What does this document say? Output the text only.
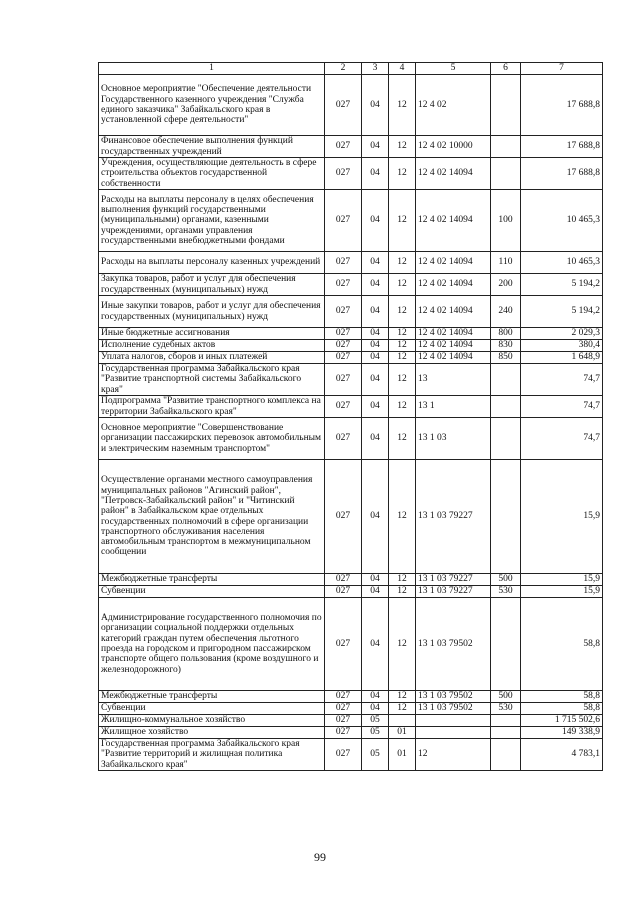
1	2	3	4	5	6	7
Основное мероприятие "Обеспечение деятельности Государственного казенного учреждения "Служба единого заказчика" Забайкальского края в установленной сфере деятельности"	027	04	12	12 4 02		17 688,8
Финансовое обеспечение выполнения функций государственных учреждений	027	04	12	12 4 02 10000		17 688,8
Учреждения, осуществляющие деятельность в сфере строительства объектов государственной собственности	027	04	12	12 4 02 14094		17 688,8
Расходы на выплаты персоналу в целях обеспечения выполнения функций государственными (муниципальными) органами, казенными учреждениями, органами управления государственными внебюджетными фондами	027	04	12	12 4 02 14094	100	10 465,3
Расходы на выплаты персоналу казенных учреждений	027	04	12	12 4 02 14094	110	10 465,3
Закупка товаров, работ и услуг для обеспечения государственных (муниципальных) нужд	027	04	12	12 4 02 14094	200	5 194,2
Иные закупки товаров, работ и услуг для обеспечения государственных (муниципальных) нужд	027	04	12	12 4 02 14094	240	5 194,2
Иные бюджетные ассигнования	027	04	12	12 4 02 14094	800	2 029,3
Исполнение судебных актов	027	04	12	12 4 02 14094	830	380,4
Уплата налогов, сборов и иных платежей	027	04	12	12 4 02 14094	850	1 648,9
Государственная программа Забайкальского края "Развитие транспортной системы Забайкальского края"	027	04	12	13		74,7
Подпрограмма "Развитие транспортного комплекса на территории Забайкальского края"	027	04	12	13 1		74,7
Основное мероприятие "Совершенствование организации пассажирских перевозок автомобильным и электрическим наземным транспортом"	027	04	12	13 1 03		74,7
Осуществление органами местного самоуправления муниципальных районов "Агинский район", "Петровск-Забайкальский район" и "Читинский район" в Забайкальском крае отдельных государственных полномочий в сфере организации транспортного обслуживания населения автомобильным транспортом в межмуниципальном сообщении	027	04	12	13 1 03 79227		15,9
Межбюджетные трансферты	027	04	12	13 1 03 79227	500	15,9
Субвенции	027	04	12	13 1 03 79227	530	15,9
Администрирование государственного полномочия по организации социальной поддержки отдельных категорий граждан путем обеспечения льготного проезда на городском и пригородном пассажирском транспорте общего пользования (кроме воздушного и железнодорожного)	027	04	12	13 1 03 79502		58,8
Межбюджетные трансферты	027	04	12	13 1 03 79502	500	58,8
Субвенции	027	04	12	13 1 03 79502	530	58,8
Жилищно-коммунальное хозяйство	027	05				1 715 502,6
Жилищное хозяйство	027	05	01			149 338,9
Государственная программа Забайкальского края "Развитие территорий и жилищная политика Забайкальского края"	027	05	01	12		4 783,1
99
